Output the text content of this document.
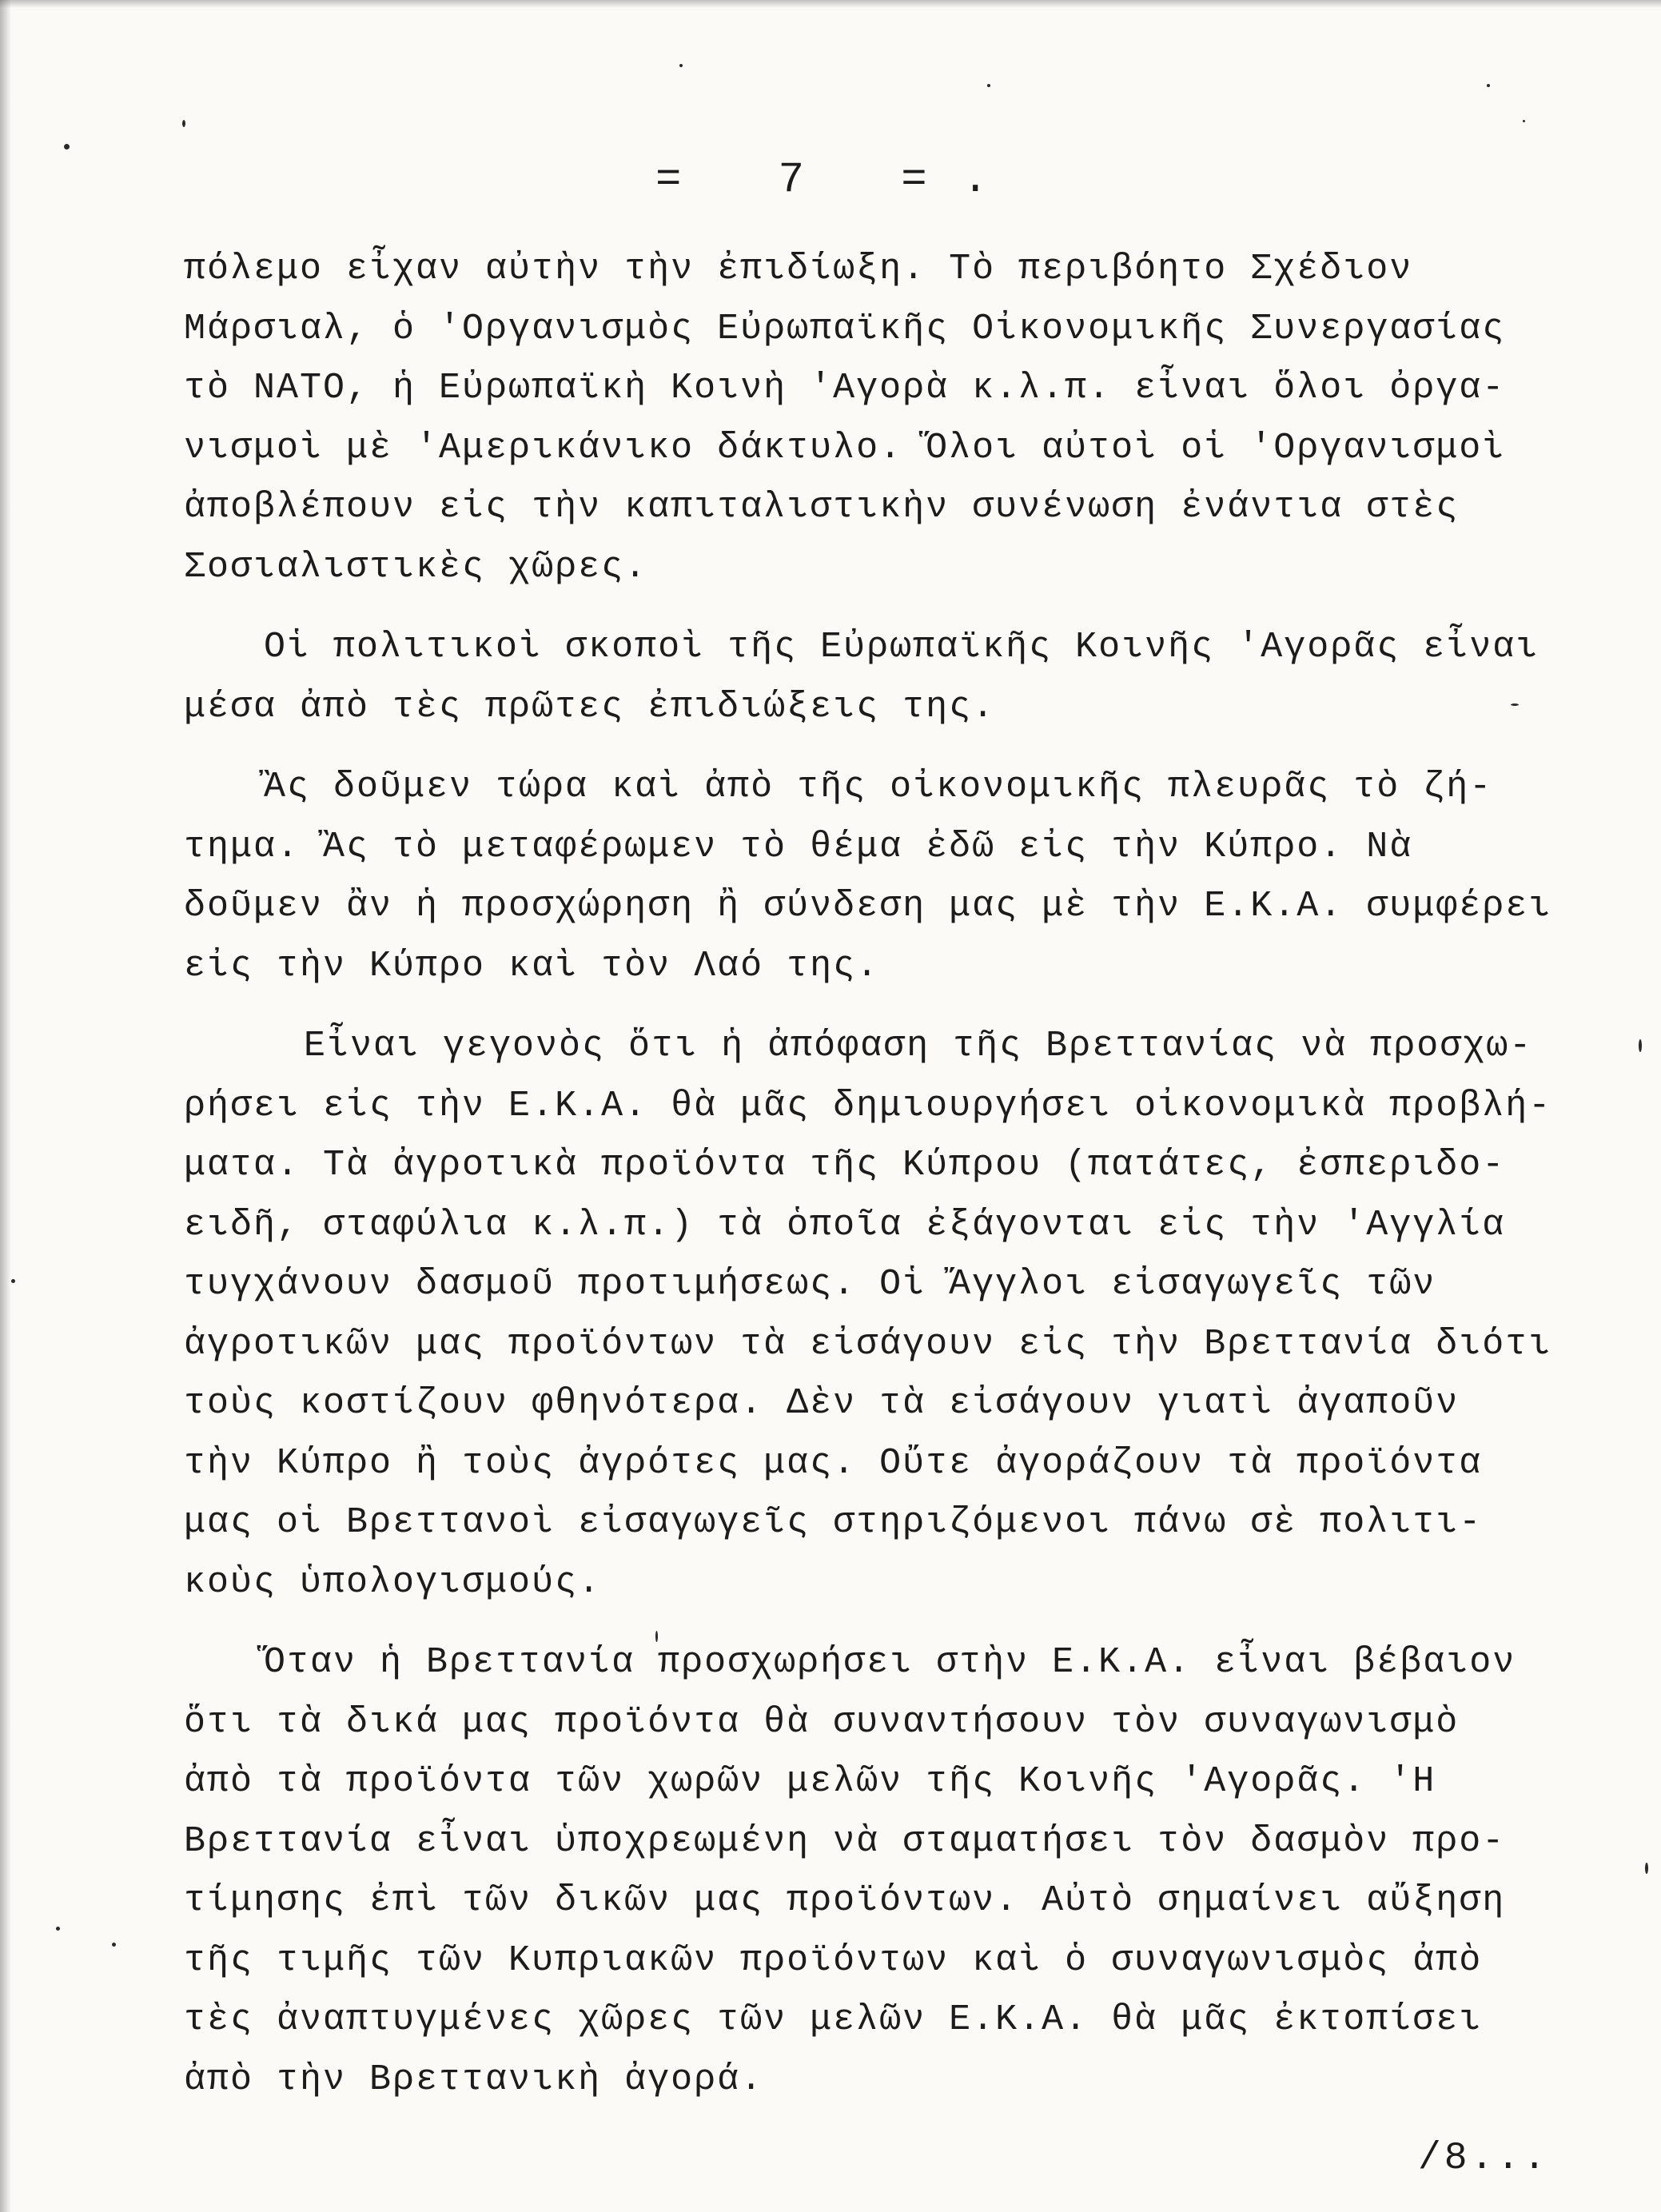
=   7   = .

πόλεμο εἶχαν αὐτὴν τὴν ἐπιδίωξη. Τὸ περιβόητο Σχέδιον
Μάρσιαλ, ὁ 'Οργανισμὸς Εὐρωπαϊκῆς Οἰκονομικῆς Συνεργασίας
τὸ ΝΑΤΟ, ἡ Εὐρωπαϊκὴ Κοινὴ 'Αγορὰ κ.λ.π. εἶναι ὅλοι ὀργα-
νισμοὶ μὲ 'Αμερικάνικο δάκτυλο. Ὅλοι αὐτοὶ οἱ 'Οργανισμοὶ
ἀποβλέπουν εἰς τὴν καπιταλιστικὴν συνένωση ἐνάντια στὲς
Σοσιαλιστικὲς χῶρες.

Οἱ πολιτικοὶ σκοποὶ τῆς Εὐρωπαϊκῆς Κοινῆς 'Αγορᾶς εἶναι
μέσα ἀπὸ τὲς πρῶτες ἐπιδιώξεις της.

Ἂς δοῦμεν τώρα καὶ ἀπὸ τῆς οἰκονομικῆς πλευρᾶς τὸ ζή-
τημα. Ἂς τὸ μεταφέρωμεν τὸ θέμα ἐδῶ εἰς τὴν Κύπρο. Νὰ
δοῦμεν ἂν ἡ προσχώρηση ἢ σύνδεση μας μὲ τὴν Ε.Κ.Α. συμφέρει
εἰς τὴν Κύπρο καὶ τὸν Λαό της.

Εἶναι γεγονὸς ὅτι ἡ ἀπόφαση τῆς Βρεττανίας νὰ προσχω-
ρήσει εἰς τὴν Ε.Κ.Α. θὰ μᾶς δημιουργήσει οἰκονομικὰ προβλή-
ματα. Τὰ ἀγροτικὰ προϊόντα τῆς Κύπρου (πατάτες, ἐσπεριδο-
ειδῆ, σταφύλια κ.λ.π.) τὰ ὁποῖα ἐξάγονται εἰς τὴν 'Αγγλία
τυγχάνουν δασμοῦ προτιμήσεως. Οἱ Ἄγγλοι εἰσαγωγεῖς τῶν
ἀγροτικῶν μας προϊόντων τὰ εἰσάγουν εἰς τὴν Βρεττανία διότι
τοὺς κοστίζουν φθηνότερα. Δὲν τὰ εἰσάγουν γιατὶ ἀγαποῦν
τὴν Κύπρο ἢ τοὺς ἀγρότες μας. Οὔτε ἀγοράζουν τὰ προϊόντα
μας οἱ Βρεττανοὶ εἰσαγωγεῖς στηριζόμενοι πάνω σὲ πολιτι-
κοὺς ὑπολογισμούς.

Ὅταν ἡ Βρεττανία προσχωρήσει στὴν Ε.Κ.Α. εἶναι βέβαιον
ὅτι τὰ δικά μας προϊόντα θὰ συναντήσουν τὸν συναγωνισμὸ
ἀπὸ τὰ προϊόντα τῶν χωρῶν μελῶν τῆς Κοινῆς 'Αγορᾶς. 'Η
Βρεττανία εἶναι ὑποχρεωμένη νὰ σταματήσει τὸν δασμὸν προ-
τίμησης ἐπὶ τῶν δικῶν μας προϊόντων. Αὐτὸ σημαίνει αὔξηση
τῆς τιμῆς τῶν Κυπριακῶν προϊόντων καὶ ὁ συναγωνισμὸς ἀπὸ
τὲς ἀναπτυγμένες χῶρες τῶν μελῶν Ε.Κ.Α. θὰ μᾶς ἐκτοπίσει
ἀπὸ τὴν Βρεττανικὴ ἀγορά.

/8...
